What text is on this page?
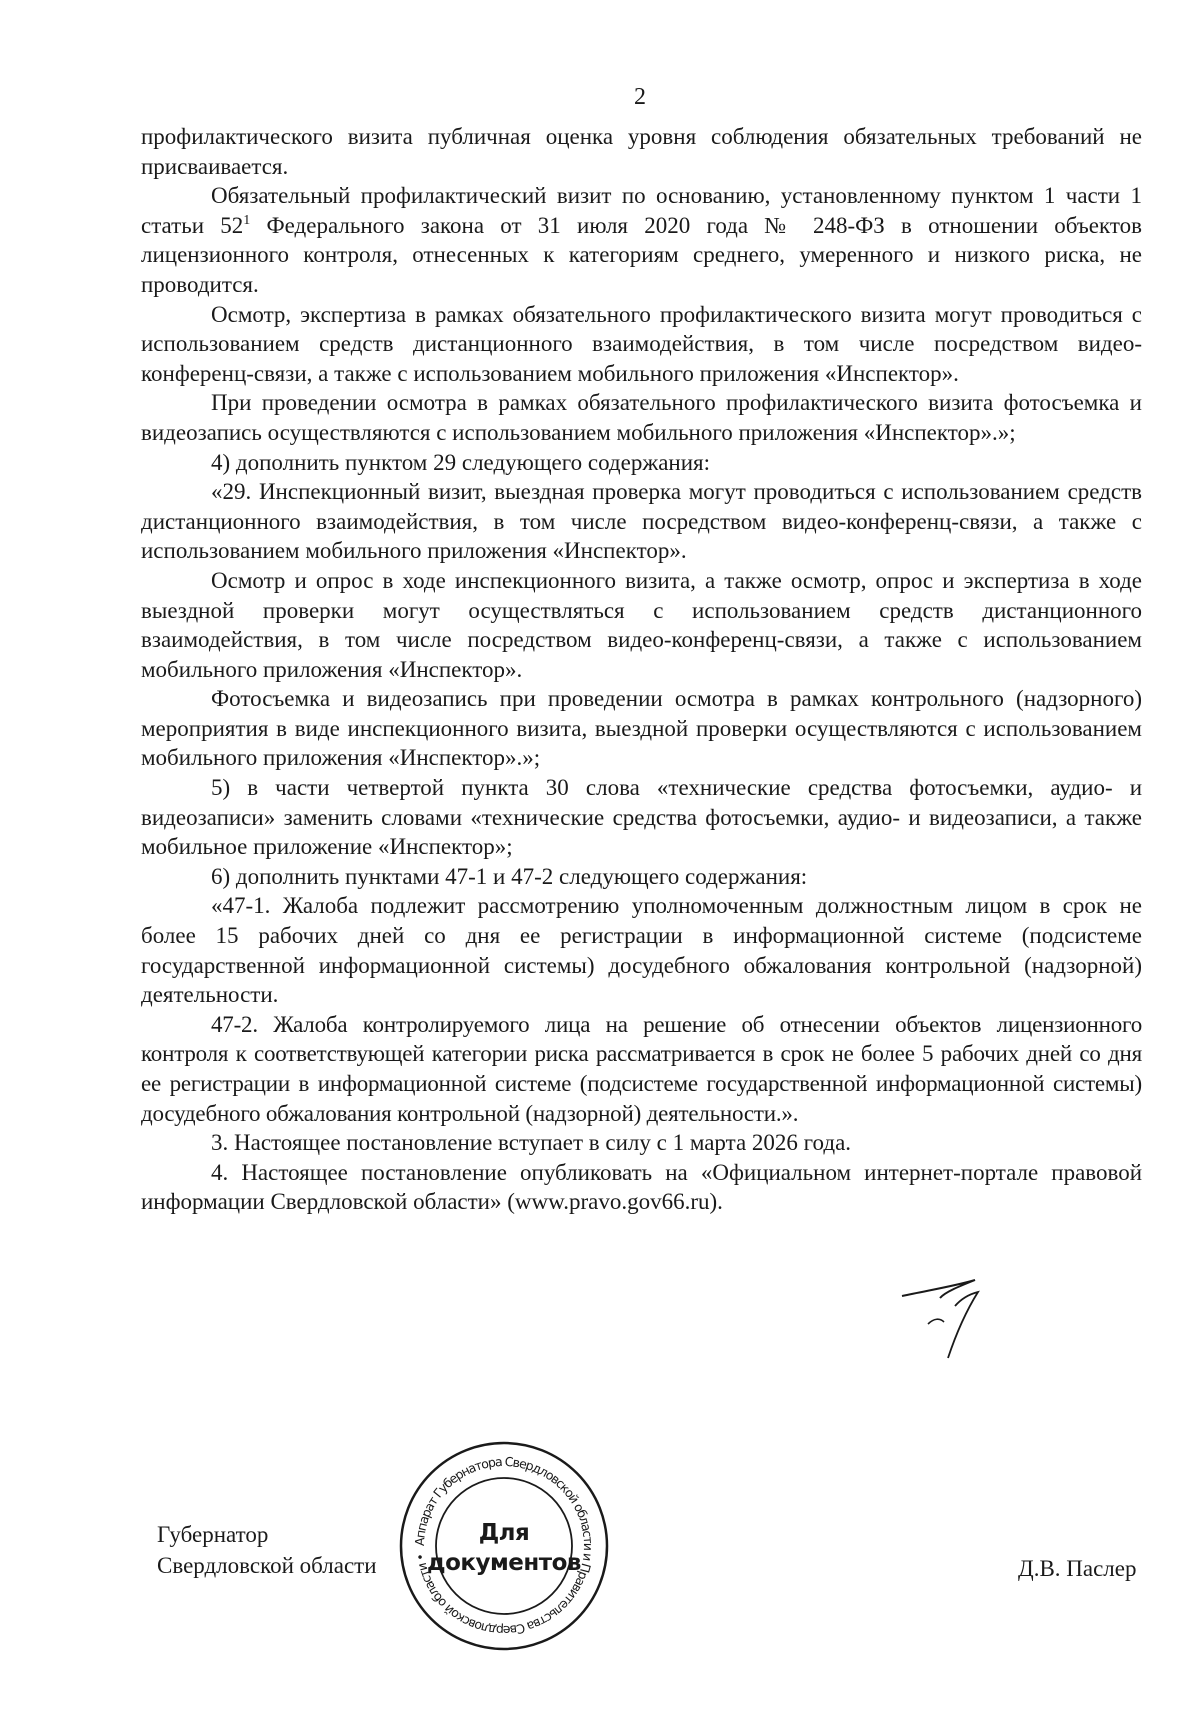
2

профилактического визита публичная оценка уровня соблюдения обязательных требований не присваивается.

Обязательный профилактический визит по основанию, установленному пунктом 1 части 1 статьи $52^1$ Федерального закона от 31 июля 2020 года № 248-ФЗ в отношении объектов лицензионного контроля, отнесенных к категориям среднего, умеренного и низкого риска, не проводится.

Осмотр, экспертиза в рамках обязательного профилактического визита могут проводиться с использованием средств дистанционного взаимодействия, в том числе посредством видео-конференц-связи, а также с использованием мобильного приложения «Инспектор».

При проведении осмотра в рамках обязательного профилактического визита фотосъемка и видеозапись осуществляются с использованием мобильного приложения «Инспектор».»;

4) дополнить пунктом 29 следующего содержания:

«29. Инспекционный визит, выездная проверка могут проводиться с использованием средств дистанционного взаимодействия, в том числе посредством видео-конференц-связи, а также с использованием мобильного приложения «Инспектор».

Осмотр и опрос в ходе инспекционного визита, а также осмотр, опрос и экспертиза в ходе выездной проверки могут осуществляться с использованием средств дистанционного взаимодействия, в том числе посредством видео-конференц-связи, а также с использованием мобильного приложения «Инспектор».

Фотосъемка и видеозапись при проведении осмотра в рамках контрольного (надзорного) мероприятия в виде инспекционного визита, выездной проверки осуществляются с использованием мобильного приложения «Инспектор».»;

5) в части четвертой пункта 30 слова «технические средства фотосъемки, аудио- и видеозаписи» заменить словами «технические средства фотосъемки, аудио- и видеозаписи, а также мобильное приложение «Инспектор»;

6) дополнить пунктами 47-1 и 47-2 следующего содержания:

«47-1. Жалоба подлежит рассмотрению уполномоченным должностным лицом в срок не более 15 рабочих дней со дня ее регистрации в информационной системе (подсистеме государственной информационной системы) досудебного обжалования контрольной (надзорной) деятельности.

47-2. Жалоба контролируемого лица на решение об отнесении объектов лицензионного контроля к соответствующей категории риска рассматривается в срок не более 5 рабочих дней со дня ее регистрации в информационной системе (подсистеме государственной информационной системы) досудебного обжалования контрольной (надзорной) деятельности.».

3. Настоящее постановление вступает в силу с 1 марта 2026 года.

4. Настоящее постановление опубликовать на «Официальном интернет-портале правовой информации Свердловской области» (www.pravo.gov66.ru).

Губернатор
Свердловской области	Д.В. Паслер
Аппарат Губернатора Свердловской области и Правительства Свердловской области •
Для
документов
